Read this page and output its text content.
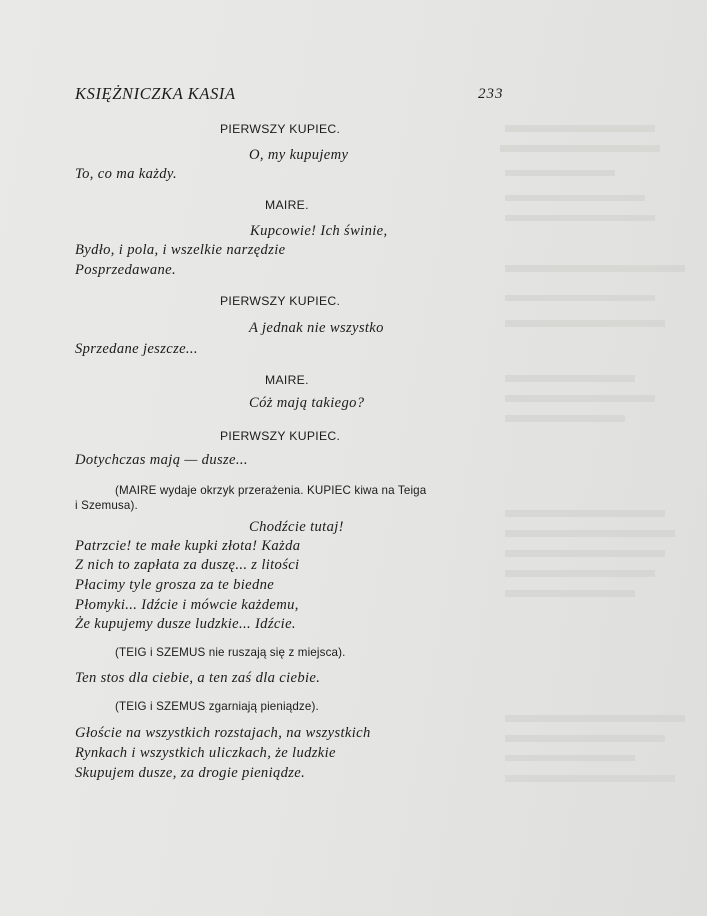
KSIĘŻNICZKA KASIA	233
PIERWSZY KUPIEC.
O, my kupujemy
To, co ma każdy.
MAIRE.
Kupcowie! Ich świnie,
Bydło, i pola, i wszelkie narzędzie
Posprzedawane.
PIERWSZY KUPIEC.
A jednak nie wszystko
Sprzedane jeszcze...
MAIRE.
Cóż mają takiego?
PIERWSZY KUPIEC.
Dotychczas mają — dusze...
(MAIRE wydaje okrzyk przerażenia. KUPIEC kiwa na Teiga
i Szemusa).
Chodźcie tutaj!
Patrzcie! te małe kupki złota! Każda
Z nich to zapłata za duszę... z litości
Płacimy tyle grosza za te biedne
Płomyki... Idźcie i mówcie każdemu,
Że kupujemy dusze ludzkie... Idźcie.
(TEIG i SZEMUS nie ruszają się z miejsca).
Ten stos dla ciebie, a ten zaś dla ciebie.
(TEIG i SZEMUS zgarniają pieniądze).
Głoście na wszystkich rozstajach, na wszystkich
Rynkach i wszystkich uliczkach, że ludzkie
Skupujem dusze, za drogie pieniądze.
